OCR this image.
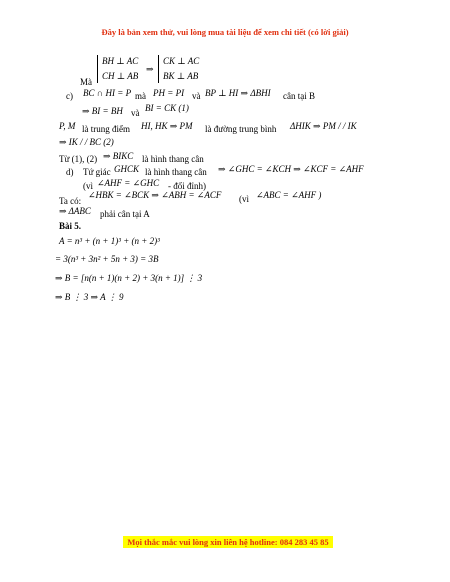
Đây là bản xem thử, vui lòng mua tài liệu để xem chi tiết (có lời giải)
BH ⊥ AC
CH ⊥ AB
⇒
CK ⊥ AC
BK ⊥ AB
Mà
c) BC ∩ HI = P mà PH = PI và BP ⊥ HI ⇒ ΔBHI cân tại B
⇒ BI = BH và BI = CK (1)
P, M là trung điểm HI, HK ⇒ PM là đường trung bình ΔHIK ⇒ PM / / IK
⇒ IK / / BC (2)
Từ (1), (2) ⇒ BIKC là hình thang cân
d) Tứ giác GHCK là hình thang cân ⇒ ∠GHC = ∠KCH ⇒ ∠KCF = ∠AHF
(vì ∠AHF = ∠GHC - đối đỉnh)
Ta có:
∠HBK = ∠BCK ⇒ ∠ABH = ∠ACF (vì ∠ABC = ∠AHF )
⇒ ΔABC phải cân tại A
Bài 5.
A = n³ + (n + 1)³ + (n + 2)³
= 3(n³ + 3n² + 5n + 3) = 3B
⇒ B = [n(n + 1)(n + 2) + 3(n + 1)] ⋮ 3
⇒ B ⋮ 3 ⇒ A ⋮ 9
Mọi thắc mắc vui lòng xin liên hệ hotline: 084 283 45 85
